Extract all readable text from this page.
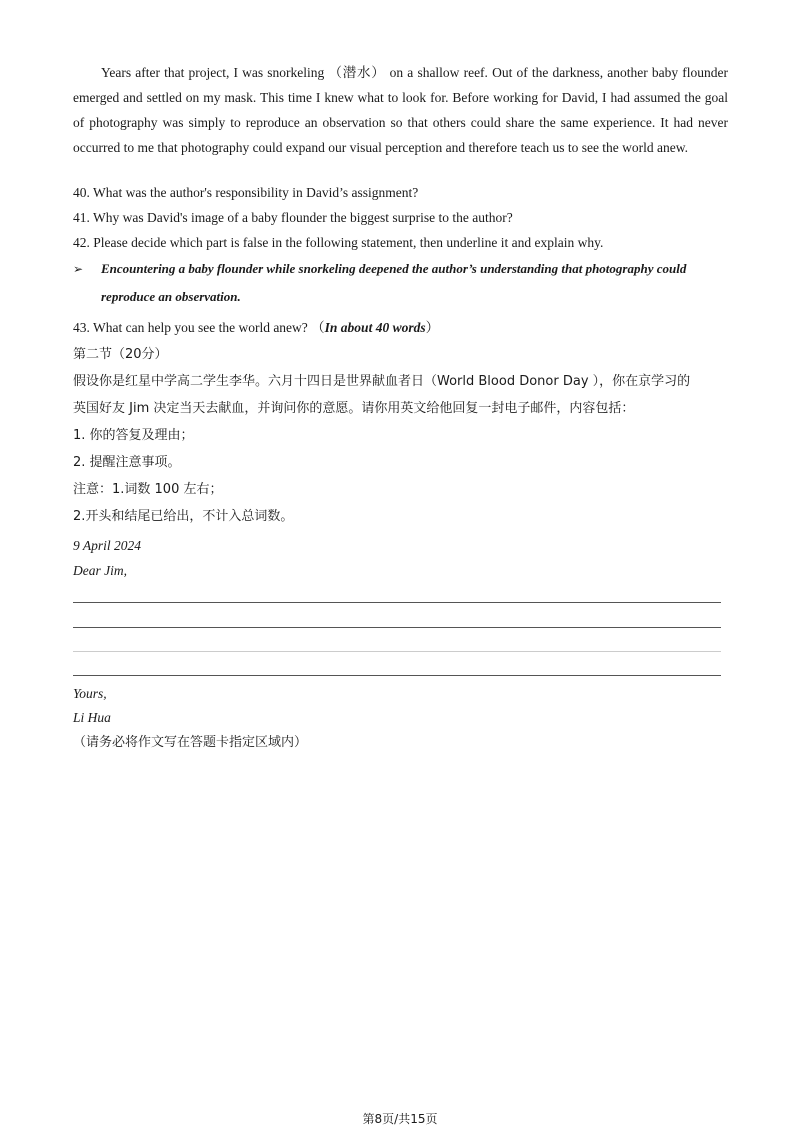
Years after that project, I was snorkeling （潜水） on a shallow reef. Out of the darkness, another baby flounder emerged and settled on my mask. This time I knew what to look for. Before working for David, I had assumed the goal of photography was simply to reproduce an observation so that others could share the same experience. It had never occurred to me that photography could expand our visual perception and therefore teach us to see the world anew.
40. What was the author's responsibility in David’s assignment?
41. Why was David's image of a baby flounder the biggest surprise to the author?
42. Please decide which part is false in the following statement, then underline it and explain why.
➢ Encountering a baby flounder while snorkeling deepened the author’s understanding that photography could reproduce an observation.
43. What can help you see the world anew? （In about 40 words）
第二节（20分）
假设你是红星中学高二学生李华。六月十四日是世界献血者日（World Blood Donor Day ），你在京学习的
英国好友 Jim 决定当天去献血，并询问你的意愿。请你用英文给他回复一封电子邮件，内容包括：
1. 你的答复及理由；
2. 提醒注意事项。
注意：1.词数 100 左右；
2.开头和结尾已给出，不计入总词数。
9 April 2024
Dear Jim,
Yours,
Li Hua
（请务必将作文写在答题卡指定区域内）
第8页/共15页
